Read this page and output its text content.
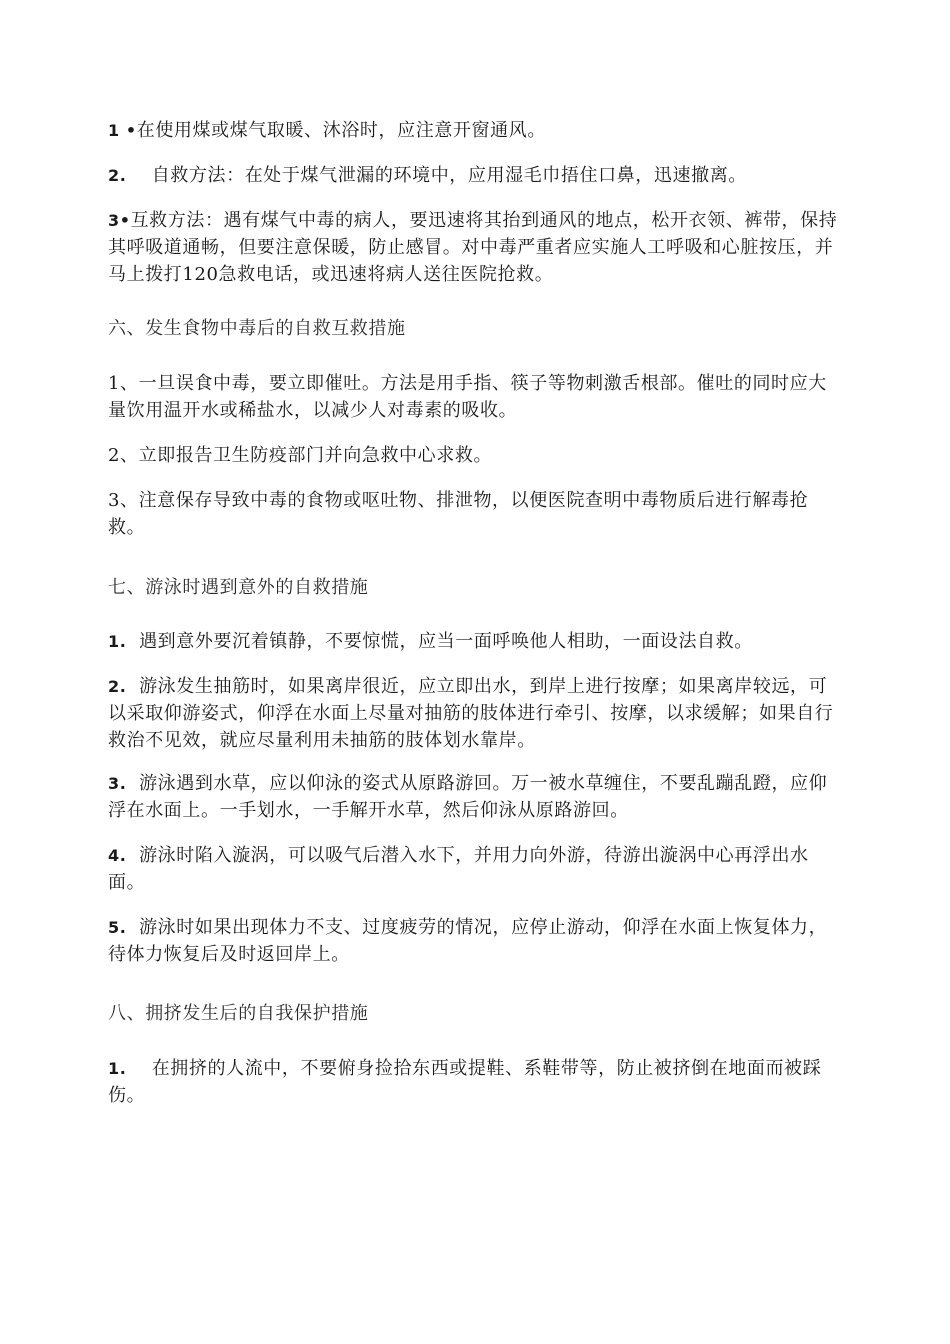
1 •在使用煤或煤气取暖、沐浴时，应注意开窗通风。
2.    自救方法：在处于煤气泄漏的环境中，应用湿毛巾捂住口鼻，迅速撤离。
3•互救方法：遇有煤气中毒的病人，要迅速将其抬到通风的地点，松开衣领、裤带，保持其呼吸道通畅，但要注意保暖，防止感冒。对中毒严重者应实施人工呼吸和心脏按压，并马上拨打120急救电话，或迅速将病人送往医院抢救。
六、发生食物中毒后的自救互救措施
1、一旦误食中毒，要立即催吐。方法是用手指、筷子等物刺激舌根部。催吐的同时应大量饮用温开水或稀盐水，以减少人对毒素的吸收。
2、立即报告卫生防疫部门并向急救中心求救。
3、注意保存导致中毒的食物或呕吐物、排泄物，以便医院查明中毒物质后进行解毒抢救。
七、游泳时遇到意外的自救措施
1.  遇到意外要沉着镇静，不要惊慌，应当一面呼唤他人相助，一面设法自救。
2.  游泳发生抽筋时，如果离岸很近，应立即出水，到岸上进行按摩；如果离岸较远，可以采取仰游姿式，仰浮在水面上尽量对抽筋的肢体进行牵引、按摩，以求缓解；如果自行救治不见效，就应尽量利用未抽筋的肢体划水靠岸。
3.  游泳遇到水草，应以仰泳的姿式从原路游回。万一被水草缠住，不要乱蹦乱蹬，应仰浮在水面上。一手划水，一手解开水草，然后仰泳从原路游回。
4.  游泳时陷入漩涡，可以吸气后潜入水下，并用力向外游，待游出漩涡中心再浮出水面。
5.  游泳时如果出现体力不支、过度疲劳的情况，应停止游动，仰浮在水面上恢复体力，待体力恢复后及时返回岸上。
八、拥挤发生后的自我保护措施
1.    在拥挤的人流中，不要俯身捡拾东西或提鞋、系鞋带等，防止被挤倒在地面而被踩伤。
